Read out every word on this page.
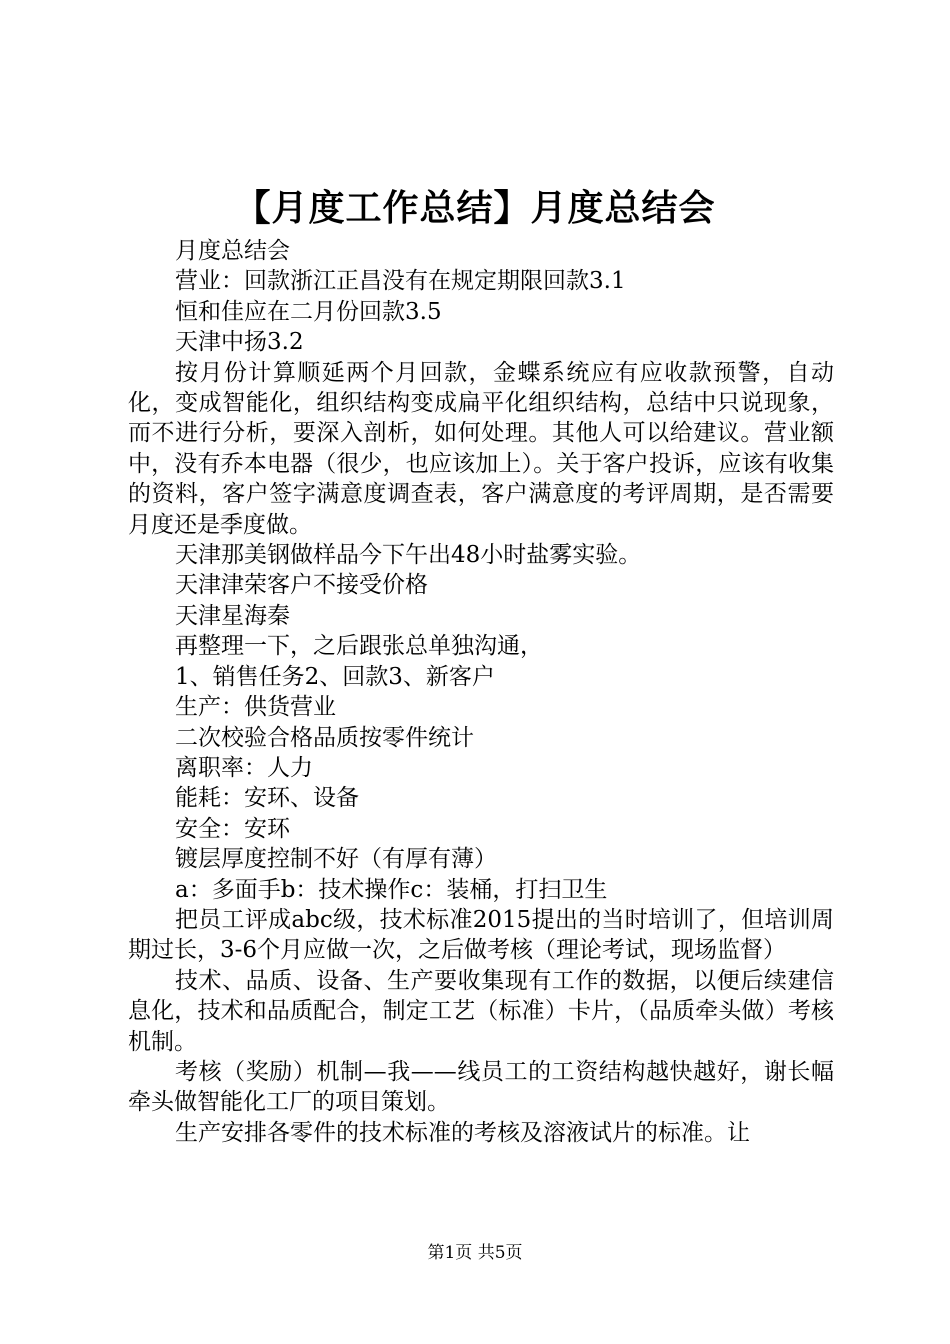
【月度工作总结】月度总结会

月度总结会

营业：回款浙江正昌没有在规定期限回款3.1

恒和佳应在二月份回款3.5

天津中扬3.2

按月份计算顺延两个月回款，金蝶系统应有应收款预警，自动化，变成智能化，组织结构变成扁平化组织结构，总结中只说现象，而不进行分析，要深入剖析，如何处理。其他人可以给建议。营业额中，没有乔本电器（很少，也应该加上）。关于客户投诉，应该有收集的资料，客户签字满意度调查表，客户满意度的考评周期，是否需要月度还是季度做。

天津那美钢做样品今下午出48小时盐雾实验。

天津津荣客户不接受价格

天津星海秦

再整理一下，之后跟张总单独沟通，

1、销售任务2、回款3、新客户

生产：供货营业

二次校验合格品质按零件统计

离职率：人力

能耗：安环、设备

安全：安环

镀层厚度控制不好（有厚有薄）

a：多面手b：技术操作c：装桶，打扫卫生

把员工评成abc级，技术标准2015提出的当时培训了，但培训周期过长，3-6个月应做一次，之后做考核（理论考试，现场监督）

技术、品质、设备、生产要收集现有工作的数据，以便后续建信息化，技术和品质配合，制定工艺（标准）卡片，（品质牵头做）考核机制。

考核（奖励）机制—我——线员工的工资结构越快越好，谢长幅牵头做智能化工厂的项目策划。

生产安排各零件的技术标准的考核及溶液试片的标准。让

第1页 共5页
